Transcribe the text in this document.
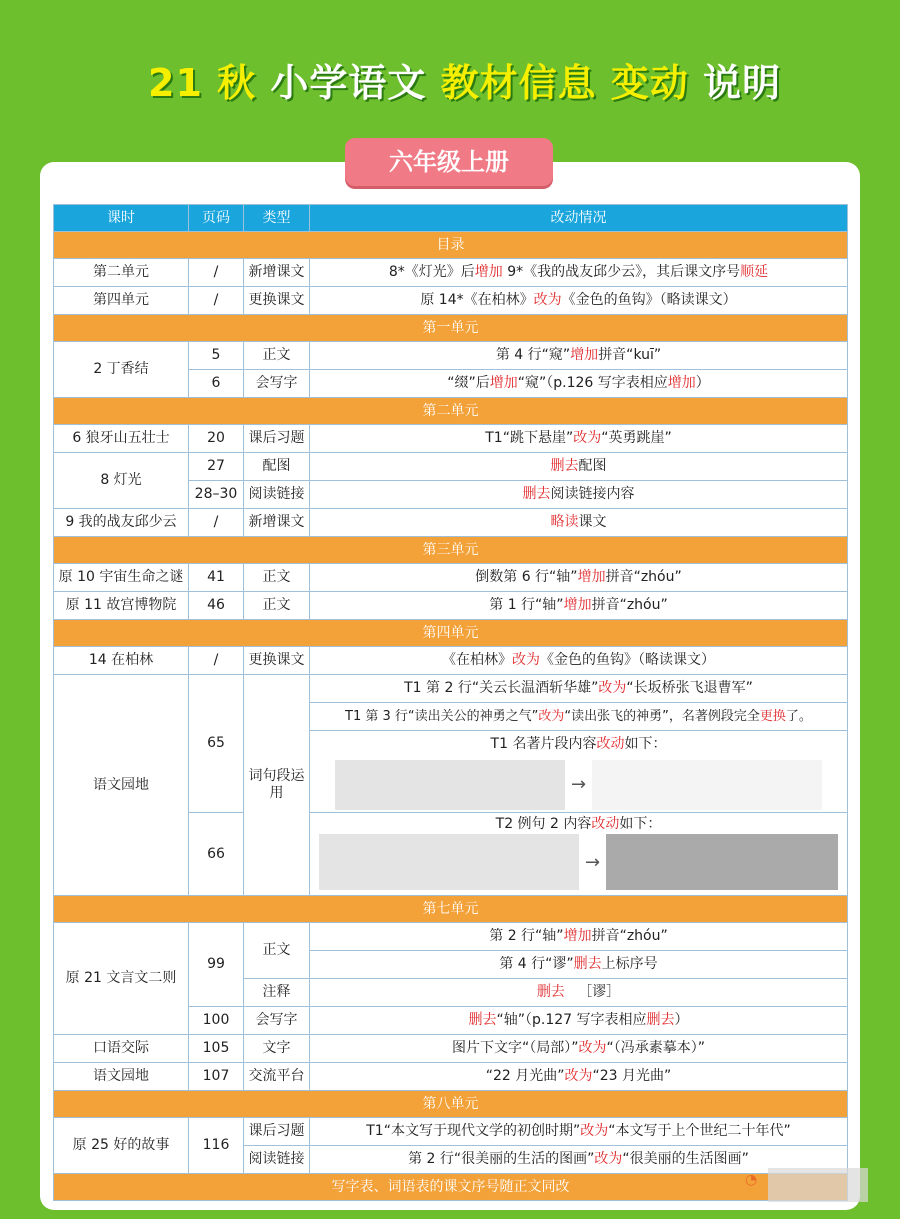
21 秋 小学语文 教材信息 变动 说明
六年级上册
课时	页码	类型	改动情况
目录			
第二单元	/	新增课文	8*《灯光》后增加 9*《我的战友邱少云》，其后课文序号顺延
第四单元	/	更换课文	原 14*《在柏林》改为《金色的鱼钩》（略读课文）
第一单元			
2 丁香结	5	正文	第 4 行“窥”增加拼音“kuī”
	6	会写字	“缀”后增加“窥”（p.126 写字表相应增加）
第二单元			
6 狼牙山五壮士	20	课后习题	T1“跳下悬崖”改为“英勇跳崖”
8 灯光	27	配图	删去配图
	28–30	阅读链接	删去阅读链接内容
9 我的战友邱少云	/	新增课文	略读课文
第三单元			
原 10 宇宙生命之谜	41	正文	倒数第 6 行“轴”增加拼音“zhóu”
原 11 故宫博物院	46	正文	第 1 行“轴”增加拼音“zhóu”
第四单元			
14 在柏林	/	更换课文	《在柏林》改为《金色的鱼钩》（略读课文）
语文园地	65	词句段运用	T1 第 2 行“关云长温酒斩华雄”改为“长坂桥张飞退曹军”
			T1 第 3 行“读出关公的神勇之气”改为“读出张飞的神勇”，名著例段完全更换了。
			T1 名著片段内容改动如下：

			→

	66		T2 例句 2 内容改动如下：
→

第七单元			
原 21 文言文二则	99	正文	第 2 行“轴”增加拼音“zhóu”
			第 4 行“谬”删去上标序号
		注释	删去 ［谬］
	100	会写字	删去“轴”（p.127 写字表相应删去）
口语交际	105	文字	图片下文字“（局部）”改为“（冯承素摹本）”
语文园地	107	交流平台	“22 月光曲”改为“23 月光曲”
第八单元			
原 25 好的故事	116	课后习题	T1“本文写于现代文学的初创时期”改为“本文写于上个世纪二十年代”
		阅读链接	第 2 行“很美丽的生活的图画”改为“很美丽的生活图画”
写字表、词语表的课文序号随正文同改				◔
